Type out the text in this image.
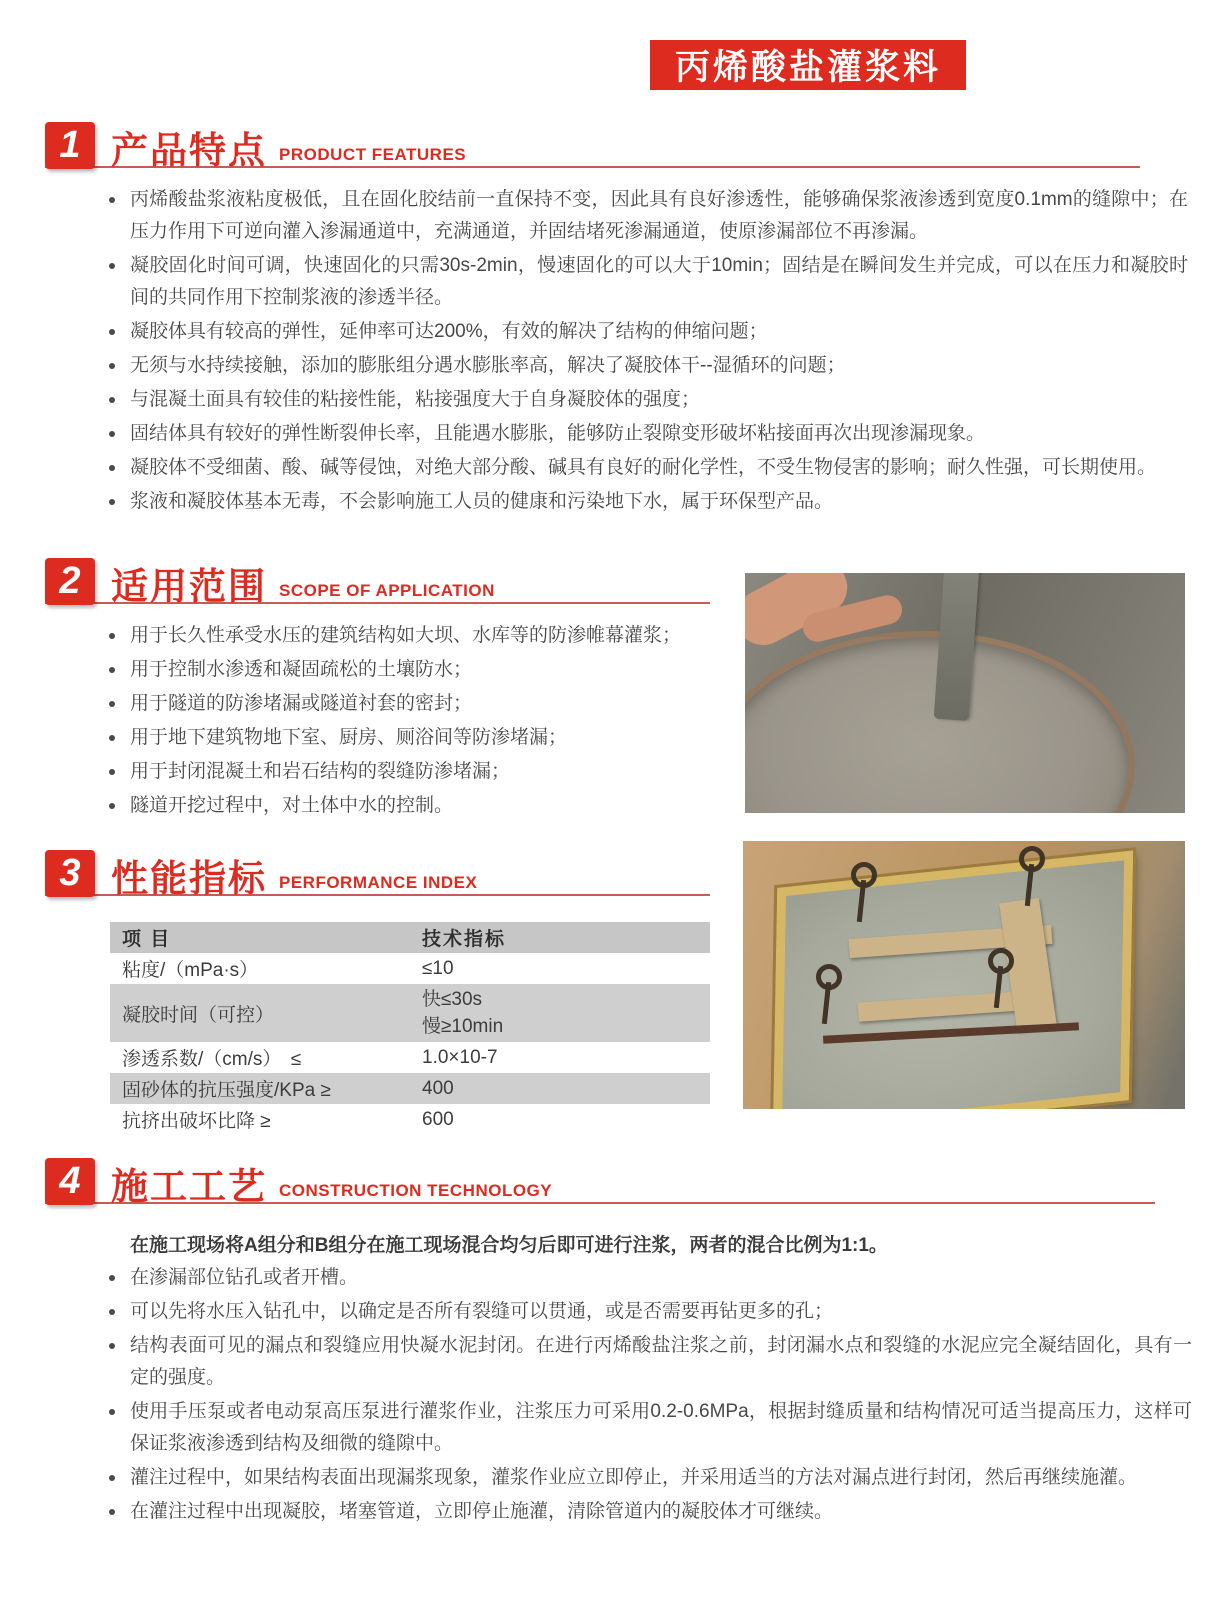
丙烯酸盐灌浆料
1 产品特点 PRODUCT FEATURES
丙烯酸盐浆液粘度极低，且在固化胶结前一直保持不变，因此具有良好渗透性，能够确保浆液渗透到宽度0.1mm的缝隙中；在压力作用下可逆向灌入渗漏通道中，充满通道，并固结堵死渗漏通道，使原渗漏部位不再渗漏。
凝胶固化时间可调，快速固化的只需30s-2min，慢速固化的可以大于10min；固结是在瞬间发生并完成，可以在压力和凝胶时间的共同作用下控制浆液的渗透半径。
凝胶体具有较高的弹性，延伸率可达200%，有效的解决了结构的伸缩问题；
无须与水持续接触，添加的膨胀组分遇水膨胀率高，解决了凝胶体干--湿循环的问题；
与混凝土面具有较佳的粘接性能，粘接强度大于自身凝胶体的强度；
固结体具有较好的弹性断裂伸长率，且能遇水膨胀，能够防止裂隙变形破坏粘接面再次出现渗漏现象。
凝胶体不受细菌、酸、碱等侵蚀，对绝大部分酸、碱具有良好的耐化学性，不受生物侵害的影响；耐久性强，可长期使用。
浆液和凝胶体基本无毒，不会影响施工人员的健康和污染地下水，属于环保型产品。
2 适用范围 SCOPE OF APPLICATION
用于长久性承受水压的建筑结构如大坝、水库等的防渗帷幕灌浆；
用于控制水渗透和凝固疏松的土壤防水；
用于隧道的防渗堵漏或隧道衬套的密封；
用于地下建筑物地下室、厨房、厕浴间等防渗堵漏；
用于封闭混凝土和岩石结构的裂缝防渗堵漏；
隧道开挖过程中，对土体中水的控制。
3 性能指标 PERFORMANCE INDEX
项 目	技术指标
粘度/（mPa·s）	≤10
凝胶时间（可控）	快≤30s
慢≥10min

渗透系数/（cm/s）　≤	1.0×10-7
固砂体的抗压强度/KPa ≥	400
抗挤出破坏比降 ≥	600
4 施工工艺 CONSTRUCTION TECHNOLOGY
在施工现场将A组分和B组分在施工现场混合均匀后即可进行注浆，两者的混合比例为1:1。
在渗漏部位钻孔或者开槽。
可以先将水压入钻孔中，以确定是否所有裂缝可以贯通，或是否需要再钻更多的孔；
结构表面可见的漏点和裂缝应用快凝水泥封闭。在进行丙烯酸盐注浆之前，封闭漏水点和裂缝的水泥应完全凝结固化，具有一定的强度。
使用手压泵或者电动泵高压泵进行灌浆作业，注浆压力可采用0.2-0.6MPa，根据封缝质量和结构情况可适当提高压力，这样可保证浆液渗透到结构及细微的缝隙中。
灌注过程中，如果结构表面出现漏浆现象，灌浆作业应立即停止，并采用适当的方法对漏点进行封闭，然后再继续施灌。
在灌注过程中出现凝胶，堵塞管道，立即停止施灌，清除管道内的凝胶体才可继续。
